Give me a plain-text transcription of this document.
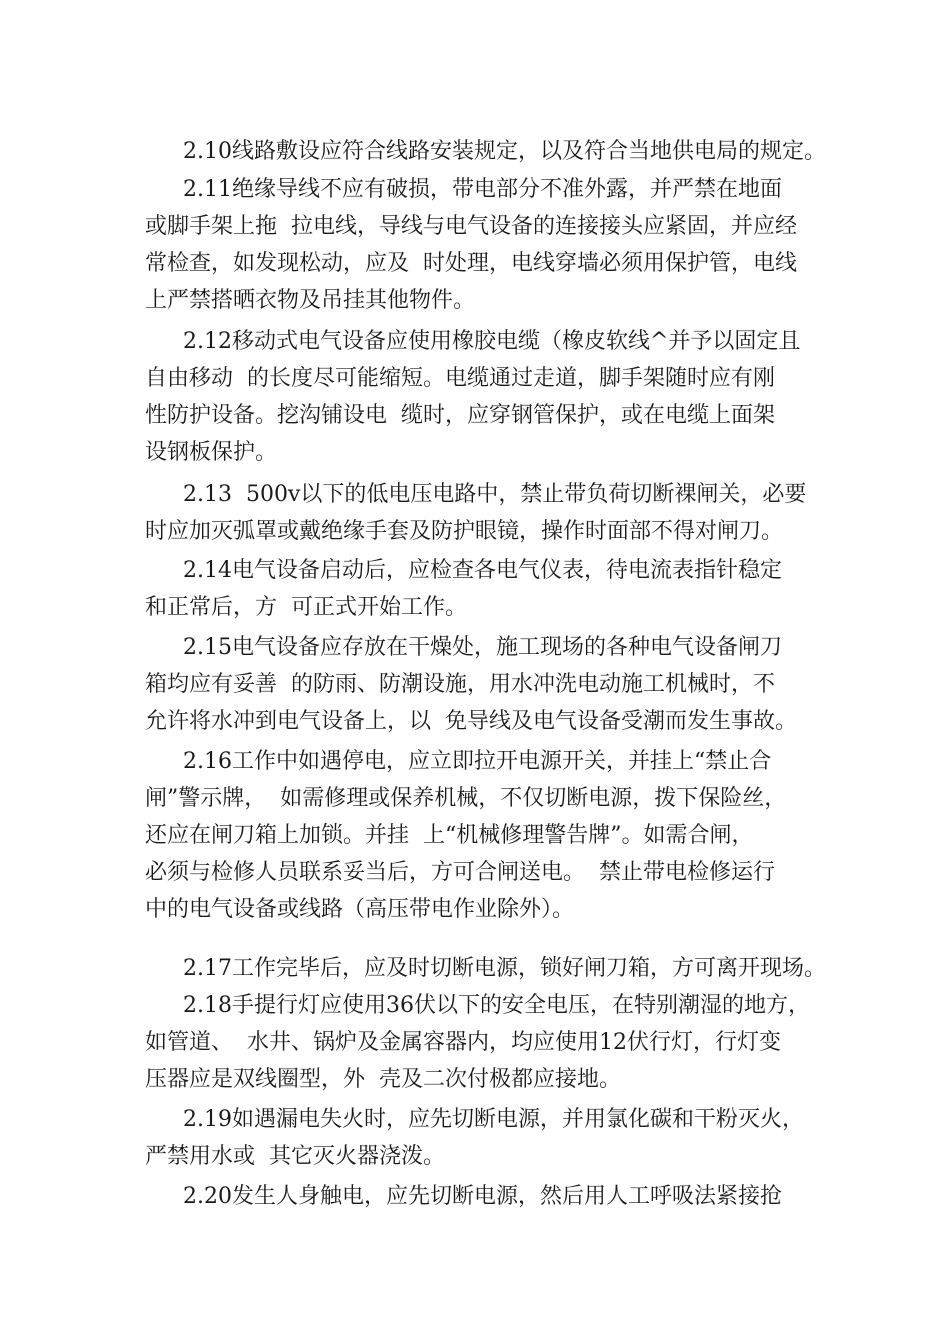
2.10线路敷设应符合线路安装规定，以及符合当地供电局的规定。
2.11绝缘导线不应有破损，带电部分不准外露，并严禁在地面
或脚手架上拖  拉电线，导线与电气设备的连接接头应紧固，并应经
常检查，如发现松动，应及  时处理，电线穿墙必须用保护管，电线
上严禁搭晒衣物及吊挂其他物件。
2.12移动式电气设备应使用橡胶电缆（橡皮软线^并予以固定且
自由移动  的长度尽可能缩短。电缆通过走道，脚手架随时应有刚
性防护设备。挖沟铺设电  缆时，应穿钢管保护，或在电缆上面架
设钢板保护。
2.13  500v以下的低电压电路中，禁止带负荷切断裸闸关，必要
时应加灭弧罩或戴绝缘手套及防护眼镜，操作时面部不得对闸刀。
2.14电气设备启动后，应检查各电气仪表，待电流表指针稳定
和正常后，方  可正式开始工作。
2.15电气设备应存放在干燥处，施工现场的各种电气设备闸刀
箱均应有妥善  的防雨、防潮设施，用水冲洗电动施工机械时，不
允许将水冲到电气设备上，以  免导线及电气设备受潮而发生事故。
2.16工作中如遇停电，应立即拉开电源开关，并挂上“禁止合
闸”警示牌，  如需修理或保养机械，不仅切断电源，拨下保险丝，
还应在闸刀箱上加锁。并挂  上“机械修理警告牌”。如需合闸，
必须与检修人员联系妥当后，方可合闸送电。  禁止带电检修运行
中的电气设备或线路（高压带电作业除外）。
2.17工作完毕后，应及时切断电源，锁好闸刀箱，方可离开现场。
2.18手提行灯应使用36伏以下的安全电压，在特别潮湿的地方，
如管道、  水井、锅炉及金属容器内，均应使用12伏行灯，行灯变
压器应是双线圈型，外  壳及二次付极都应接地。
2.19如遇漏电失火时，应先切断电源，并用氯化碳和干粉灭火，
严禁用水或  其它灭火器浇泼。
2.20发生人身触电，应先切断电源，然后用人工呼吸法紧接抢
